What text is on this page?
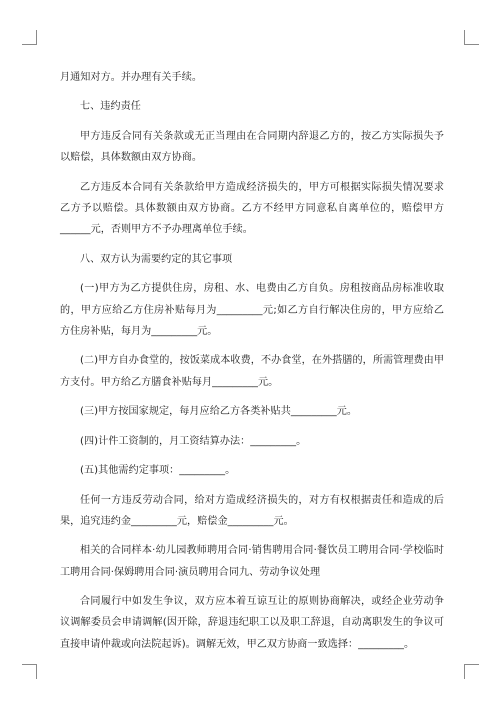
月通知对方。并办理有关手续。

七、违约责任

甲方违反合同有关条款或无正当理由在合同期内辞退乙方的，按乙方实际损失予以赔偿，具体数额由双方协商。

乙方违反本合同有关条款给甲方造成经济损失的，甲方可根据实际损失情况要求乙方予以赔偿。具体数额由双方协商。乙方不经甲方同意私自离单位的，赔偿甲方______元，否则甲方不予办理离单位手续。

八、双方认为需要约定的其它事项

(一)甲方为乙方提供住房，房租、水、电费由乙方自负。房租按商品房标准收取的，甲方应给乙方住房补贴每月为_________元;如乙方自行解决住房的，甲方应给乙方住房补贴，每月为_________元。

(二)甲方自办食堂的，按饭菜成本收费，不办食堂，在外搭膳的，所需管理费由甲方支付。甲方给乙方膳食补贴每月_________元。

(三)甲方按国家规定，每月应给乙方各类补贴共_________元。

(四)计件工资制的，月工资结算办法：_________。

(五)其他需约定事项：_________。

任何一方违反劳动合同，给对方造成经济损失的，对方有权根据责任和造成的后果，追究违约金_________元，赔偿金_________元。

相关的合同样本·幼儿园教师聘用合同·销售聘用合同·餐饮员工聘用合同·学校临时工聘用合同·保姆聘用合同·演员聘用合同九、劳动争议处理

合同履行中如发生争议，双方应本着互谅互让的原则协商解决，或经企业劳动争议调解委员会申请调解(因开除，辞退违纪职工以及职工辞退，自动离职发生的争议可直接申请仲裁或向法院起诉)。调解无效，甲乙双方协商一致选择：_________。
